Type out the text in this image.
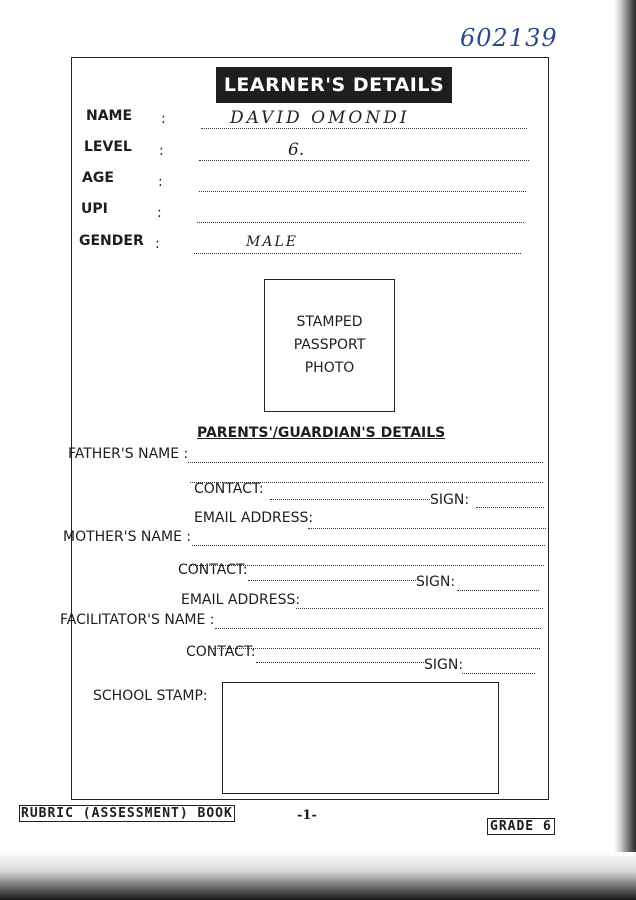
602139
LEARNER'S DETAILS
NAME :	DAVID OMONDI
LEVEL :	6.
AGE	:
UPI	:
GENDER :	MALE
STAMPED
PASSPORT
PHOTO
PARENTS'/GUARDIAN'S DETAILS
FATHER'S NAME :
CONTACT:
SIGN:
EMAIL ADDRESS:
MOTHER'S NAME :
CONTACT:
SIGN:
EMAIL ADDRESS:
FACILITATOR'S NAME :
CONTACT:
SIGN:
SCHOOL STAMP:
RUBRIC (ASSESSMENT) BOOK	-1-
GRADE 6
